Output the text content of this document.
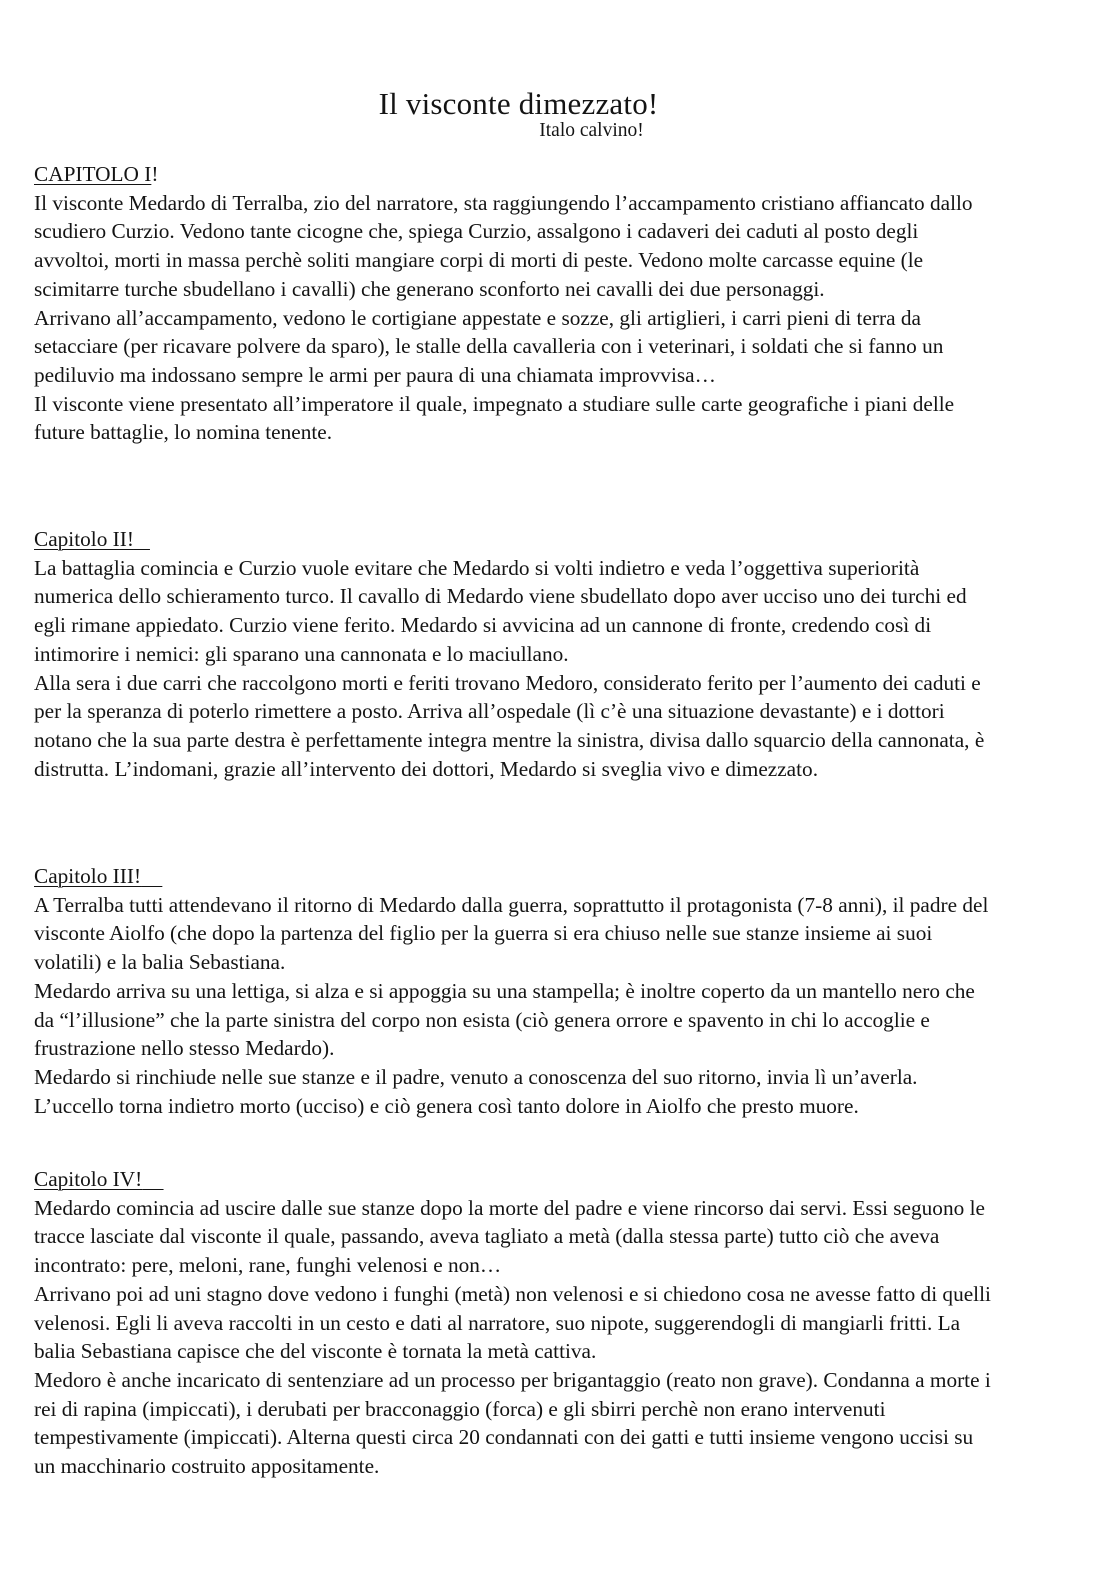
Il visconte dimezzato!
Italo calvino!
CAPITOLO I!

Il visconte Medardo di Terralba, zio del narratore, sta raggiungendo l’accampamento cristiano affiancato dallo scudiero Curzio. Vedono tante cicogne che, spiega Curzio, assalgono i cadaveri dei caduti al posto degli avvoltoi, morti in massa perchè soliti mangiare corpi di morti di peste. Vedono molte carcasse equine (le scimitarre turche sbudellano i cavalli) che generano sconforto nei cavalli dei due personaggi.

Arrivano all’accampamento, vedono le cortigiane appestate e sozze, gli artiglieri, i carri pieni di terra da setacciare (per ricavare polvere da sparo), le stalle della cavalleria con i veterinari, i soldati che si fanno un pediluvio ma indossano sempre le armi per paura di una chiamata improvvisa…

Il visconte viene presentato all’imperatore il quale, impegnato a studiare sulle carte geografiche i piani delle future battaglie, lo nomina tenente.

Capitolo II!

La battaglia comincia e Curzio vuole evitare che Medardo si volti indietro e veda l’oggettiva superiorità numerica dello schieramento turco. Il cavallo di Medardo viene sbudellato dopo aver ucciso uno dei turchi ed egli rimane appiedato. Curzio viene ferito. Medardo si avvicina ad un cannone di fronte, credendo così di intimorire i nemici: gli sparano una cannonata e lo maciullano.

Alla sera i due carri che raccolgono morti e feriti trovano Medoro, considerato ferito per l’aumento dei caduti e per la speranza di poterlo rimettere a posto. Arriva all’ospedale (lì c’è una situazione devastante) e i dottori notano che la sua parte destra è perfettamente integra mentre la sinistra, divisa dallo squarcio della cannonata, è distrutta. L’indomani, grazie all’intervento dei dottori, Medardo si sveglia vivo e dimezzato.

Capitolo III!

A Terralba tutti attendevano il ritorno di Medardo dalla guerra, soprattutto il protagonista (7-8 anni), il padre del visconte Aiolfo (che dopo la partenza del figlio per la guerra si era chiuso nelle sue stanze insieme ai suoi volatili) e la balia Sebastiana.

Medardo arriva su una lettiga, si alza e si appoggia su una stampella; è inoltre coperto da un mantello nero che da “l’illusione” che la parte sinistra del corpo non esista (ciò genera orrore e spavento in chi lo accoglie e frustrazione nello stesso Medardo).

Medardo si rinchiude nelle sue stanze e il padre, venuto a conoscenza del suo ritorno, invia lì un’averla. L’uccello torna indietro morto (ucciso) e ciò genera così tanto dolore in Aiolfo che presto muore.

Capitolo IV!

Medardo comincia ad uscire dalle sue stanze dopo la morte del padre e viene rincorso dai servi. Essi seguono le tracce lasciate dal visconte il quale, passando, aveva tagliato a metà (dalla stessa parte) tutto ciò che aveva incontrato: pere, meloni, rane, funghi velenosi e non…

Arrivano poi ad uni stagno dove vedono i funghi (metà) non velenosi e si chiedono cosa ne avesse fatto di quelli velenosi. Egli li aveva raccolti in un cesto e dati al narratore, suo nipote, suggerendogli di mangiarli fritti. La balia Sebastiana capisce che del visconte è tornata la metà cattiva.

Medoro è anche incaricato di sentenziare ad un processo per brigantaggio (reato non grave). Condanna a morte i rei di rapina (impiccati), i derubati per bracconaggio (forca) e gli sbirri perchè non erano intervenuti tempestivamente (impiccati). Alterna questi circa 20 condannati con dei gatti e tutti insieme vengono uccisi su un macchinario costruito appositamente.
